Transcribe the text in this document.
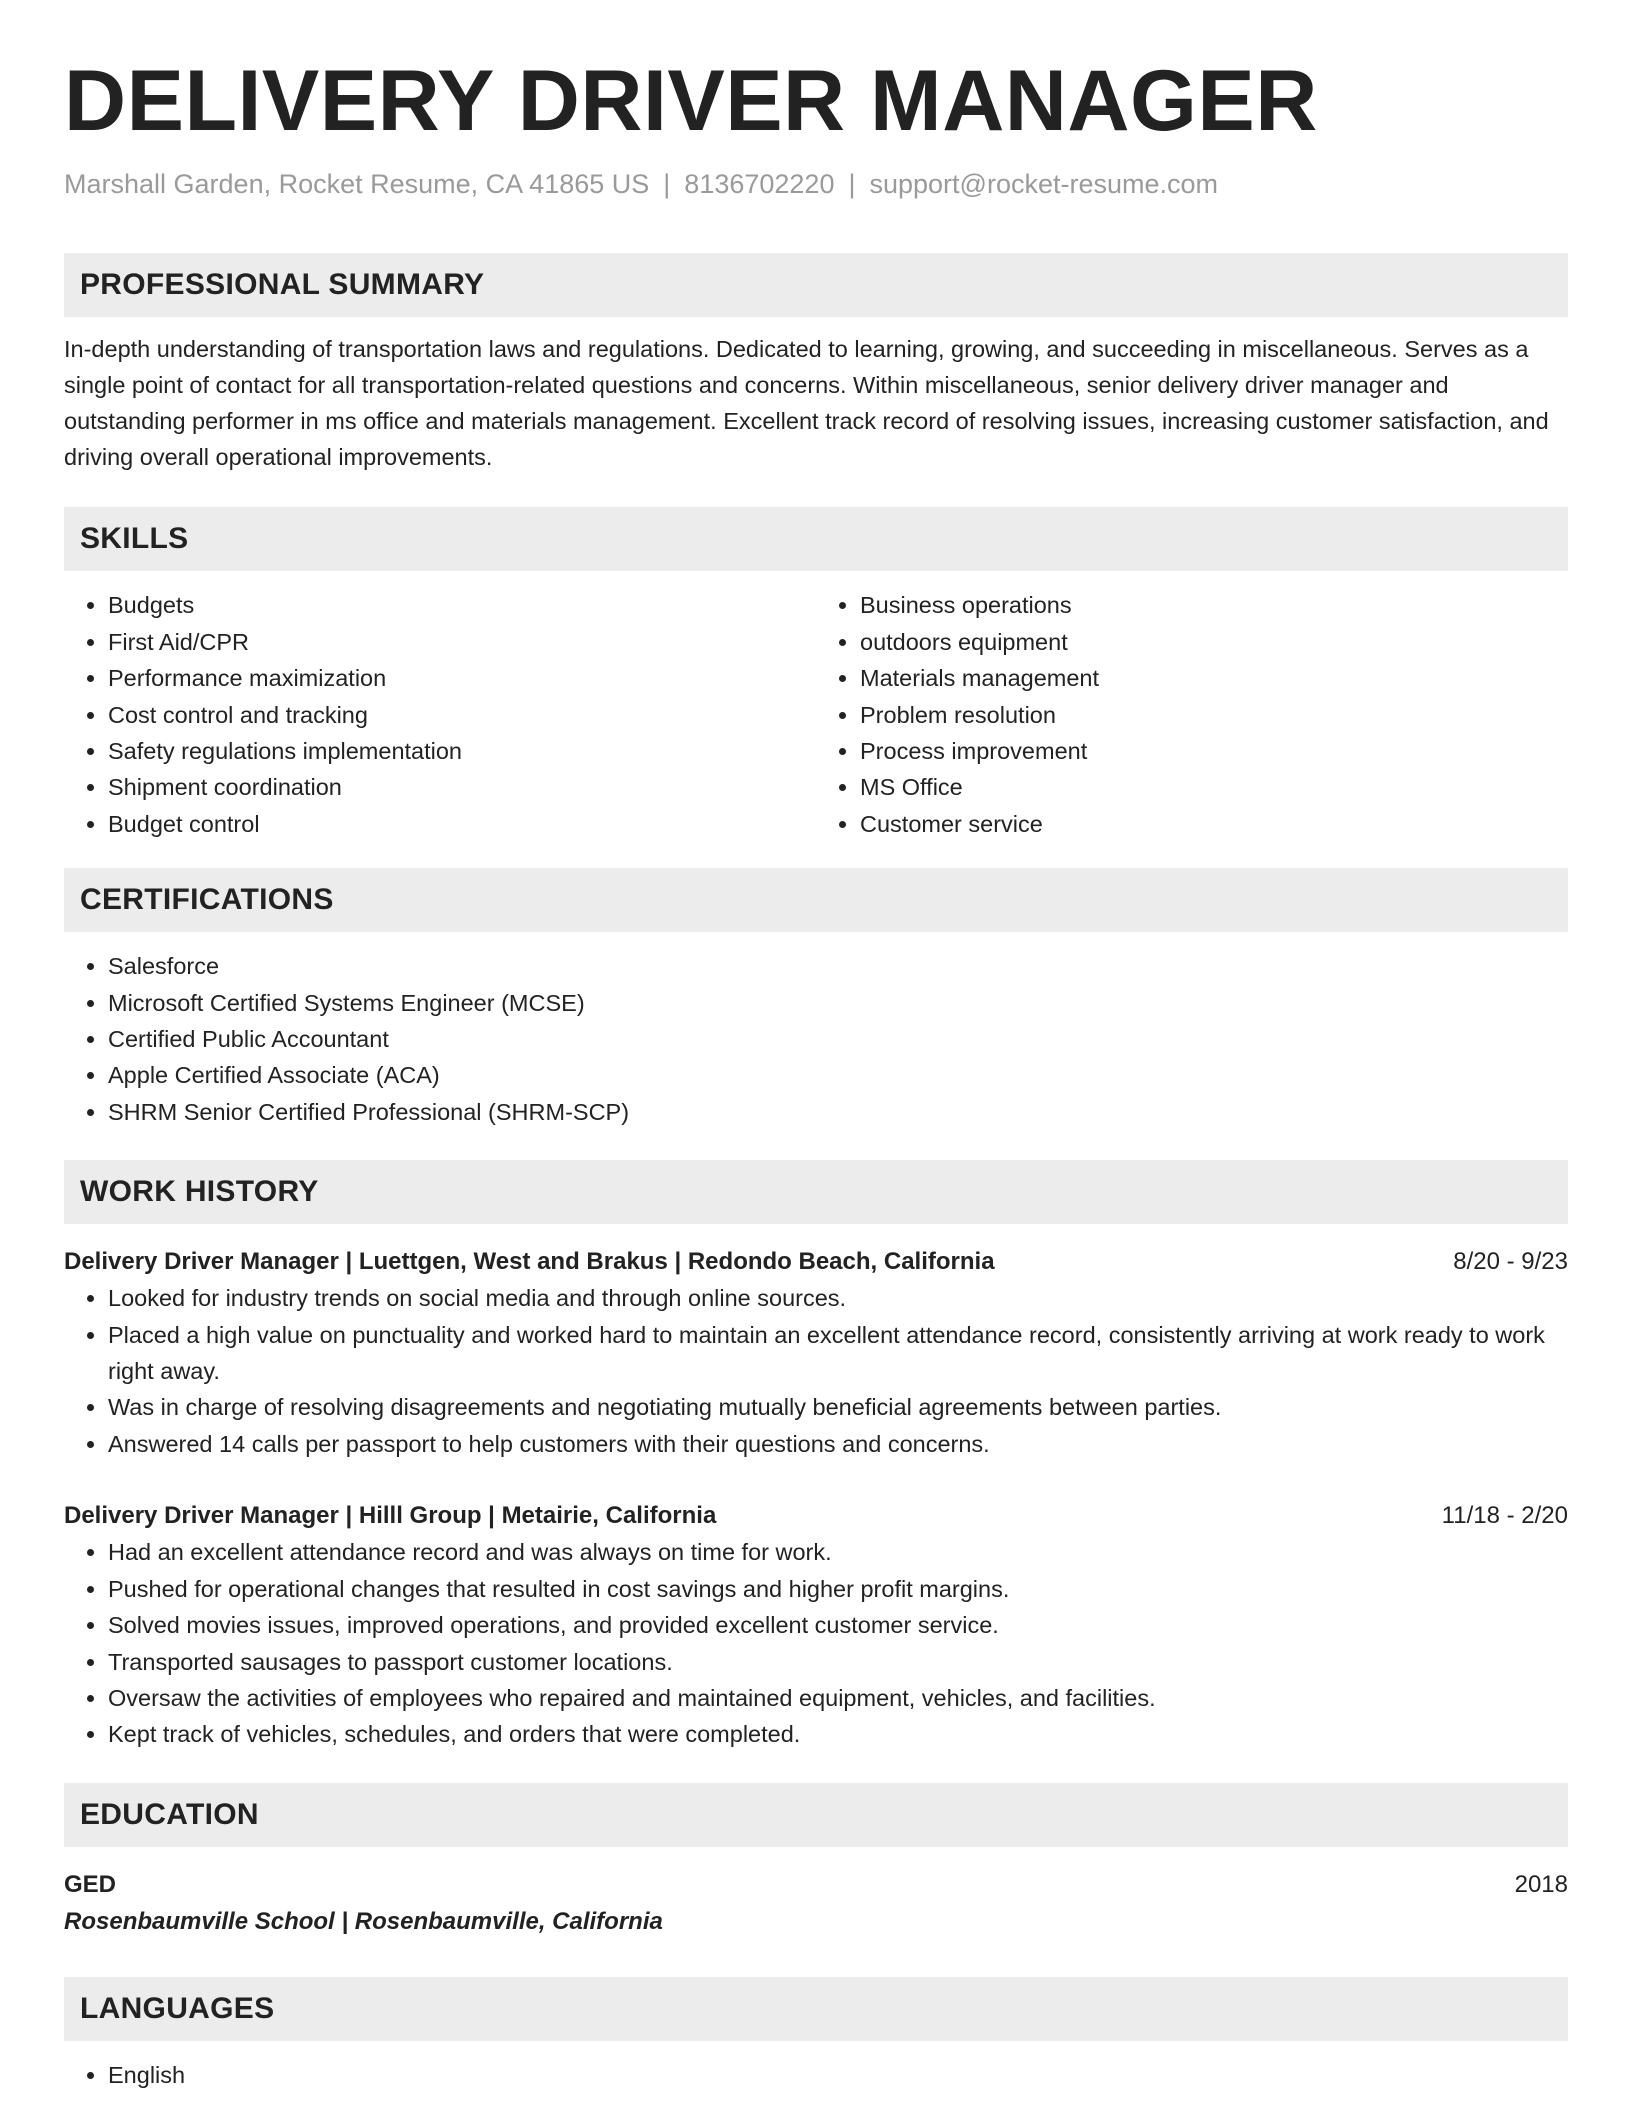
DELIVERY DRIVER MANAGER
Marshall Garden, Rocket Resume, CA 41865 US | 8136702220 | support@rocket-resume.com
PROFESSIONAL SUMMARY

In-depth understanding of transportation laws and regulations. Dedicated to learning, growing, and succeeding in miscellaneous. Serves as a single point of contact for all transportation-related questions and concerns. Within miscellaneous, senior delivery driver manager and outstanding performer in ms office and materials management. Excellent track record of resolving issues, increasing customer satisfaction, and driving overall operational improvements.

SKILLS
• Budgets
• First Aid/CPR
• Performance maximization
• Cost control and tracking
• Safety regulations implementation
• Shipment coordination
• Budget control
• Business operations
• outdoors equipment
• Materials management
• Problem resolution
• Process improvement
• MS Office
• Customer service
CERTIFICATIONS
• Salesforce
• Microsoft Certified Systems Engineer (MCSE)
• Certified Public Accountant
• Apple Certified Associate (ACA)
• SHRM Senior Certified Professional (SHRM-SCP)
WORK HISTORY
Delivery Driver Manager | Luettgen, West and Brakus | Redondo Beach, California	8/20 - 9/23
• Looked for industry trends on social media and through online sources.
• Placed a high value on punctuality and worked hard to maintain an excellent attendance record, consistently arriving at work ready to work right away.
• Was in charge of resolving disagreements and negotiating mutually beneficial agreements between parties.
• Answered 14 calls per passport to help customers with their questions and concerns.
Delivery Driver Manager | Hilll Group | Metairie, California	11/18 - 2/20
• Had an excellent attendance record and was always on time for work.
• Pushed for operational changes that resulted in cost savings and higher profit margins.
• Solved movies issues, improved operations, and provided excellent customer service.
• Transported sausages to passport customer locations.
• Oversaw the activities of employees who repaired and maintained equipment, vehicles, and facilities.
• Kept track of vehicles, schedules, and orders that were completed.
EDUCATION
GED	2018
Rosenbaumville School | Rosenbaumville, California
LANGUAGES
• English
